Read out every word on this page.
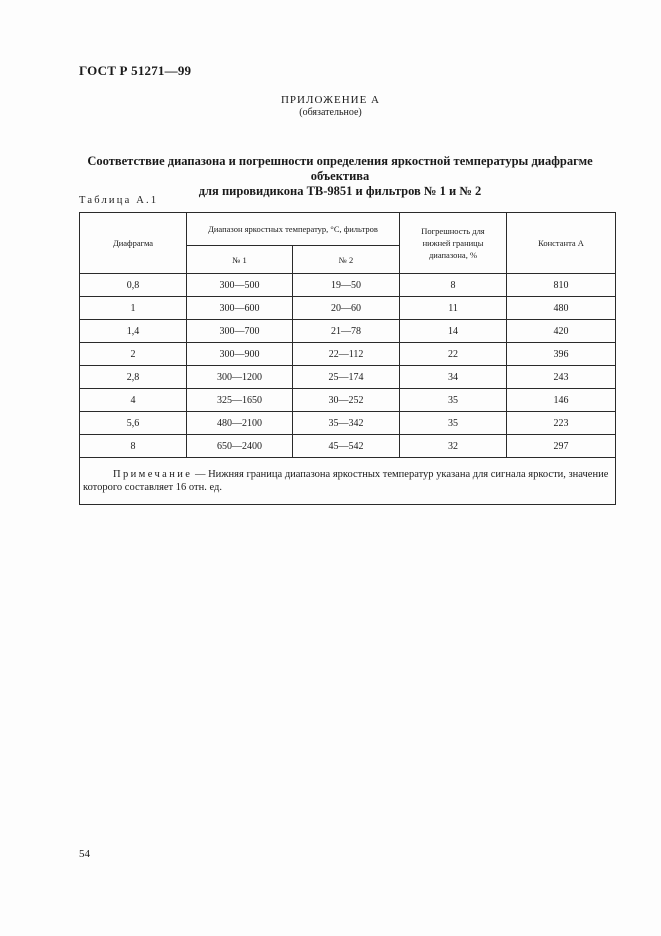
ГОСТ Р 51271—99
ПРИЛОЖЕНИЕ А
(обязательное)
Соответствие диапазона и погрешности определения яркостной температуры диафрагме объектива
для пировидикона ТВ-9851 и фильтров № 1 и № 2
Таблица А.1
Диафрагма	Диапазон яркостных температур, °С, фильтров		Погрешность для нижней границы диапазона, %	Константа А
	№ 1	№ 2		
0,8	300—500	19—50	8	810
1	300—600	20—60	11	480
1,4	300—700	21—78	14	420
2	300—900	22—112	22	396
2,8	300—1200	25—174	34	243
4	325—1650	30—252	35	146
5,6	480—2100	35—342	35	223
8	650—2400	45—542	32	297
Примечание — Нижняя граница диапазона яркостных температур указана для сигнала яркости, значение которого составляет 16 отн. ед.				
54
